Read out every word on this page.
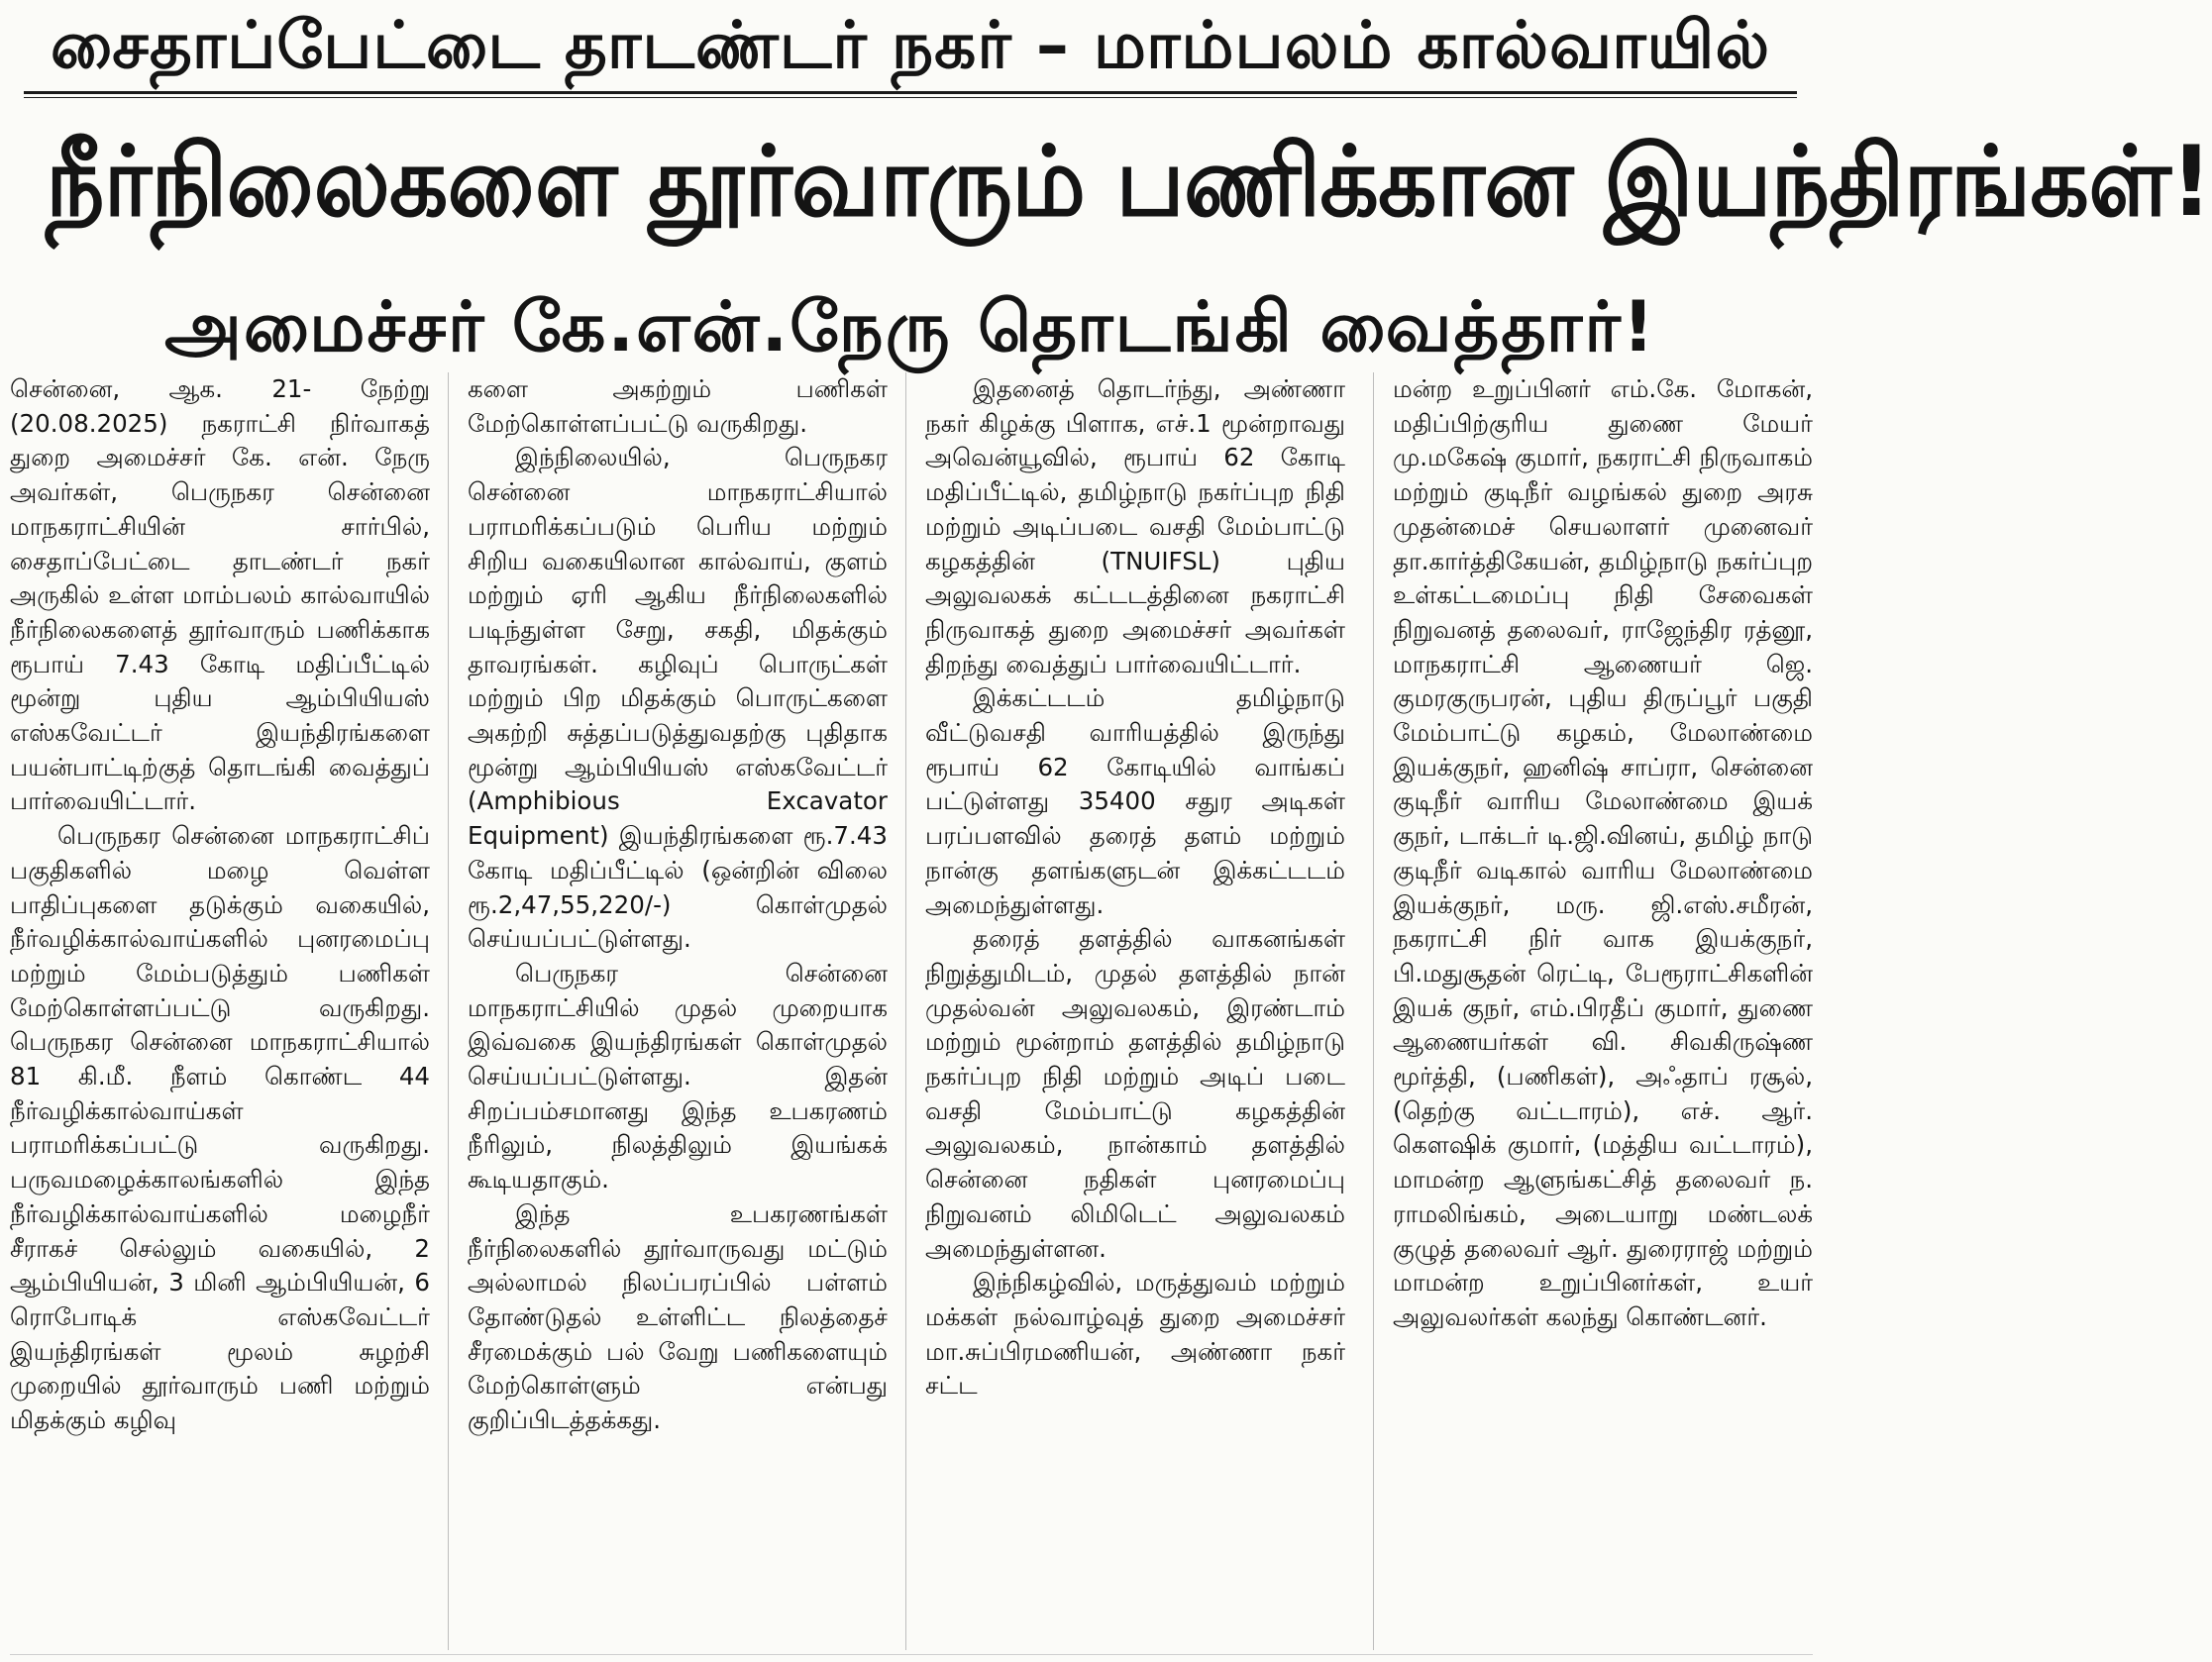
சைதாப்பேட்டை தாடண்டர் நகர் – மாம்பலம் கால்வாயில்
நீர்நிலைகளை தூர்வாரும் பணிக்கான இயந்திரங்கள்!
அமைச்சர் கே.என்.நேரு தொடங்கி வைத்தார்!

சென்னை, ஆக. 21- நேற்று (20.08.2025) நகராட்சி நிர்வாகத் துறை அமைச்சர் கே. என். நேரு அவர்கள், பெருநகர சென்னை மாநகராட்சியின் சார்பில், சைதாப்பேட்டை தாடண்டர் நகர் அருகில் உள்ள மாம்பலம் கால்வாயில் நீர்நிலைகளைத் தூர்வாரும் பணிக்காக ரூபாய் 7.43 கோடி மதிப்பீட்டில் மூன்று புதிய ஆம்பியியஸ் எஸ்கவேட்டர் இயந்திரங்களை பயன்பாட்டிற்குத் தொடங்கி வைத்துப் பார்வையிட்டார்.

பெருநகர சென்னை மாநகராட்சிப் பகுதிகளில் மழை வெள்ள பாதிப்புகளை தடுக்கும் வகையில், நீர்வழிக்கால்வாய்களில் புனரமைப்பு மற்றும் மேம்படுத்தும் பணிகள் மேற்கொள்ளப்பட்டு வருகிறது. பெருநகர சென்னை மாநகராட்சியால் 81 கி.மீ. நீளம் கொண்ட 44 நீர்வழிக்கால்வாய்கள் பராமரிக்கப்பட்டு வருகிறது. பருவமழைக்காலங்களில் இந்த நீர்வழிக்கால்வாய்களில் மழைநீர் சீராகச் செல்லும் வகையில், 2 ஆம்பியியன், 3 மினி ஆம்பியியன், 6 ரொபோடிக் எஸ்கவேட்டர் இயந்திரங்கள் மூலம் சுழற்சி முறையில் தூர்வாரும் பணி மற்றும் மிதக்கும் கழிவு

களை அகற்றும் பணிகள் மேற்கொள்ளப்பட்டு வருகிறது.

இந்நிலையில், பெருநகர சென்னை மாநகராட்சியால் பராமரிக்கப்படும் பெரிய மற்றும் சிறிய வகையிலான கால்வாய், குளம் மற்றும் ஏரி ஆகிய நீர்நிலைகளில் படிந்துள்ள சேறு, சகதி, மிதக்கும் தாவரங்கள். கழிவுப் பொருட்கள் மற்றும் பிற மிதக்கும் பொருட்களை அகற்றி சுத்தப்படுத்துவதற்கு புதிதாக மூன்று ஆம்பியியஸ் எஸ்கவேட்டர் (Amphibious Excavator Equipment) இயந்திரங்களை ரூ.7.43 கோடி மதிப்பீட்டில் (ஒன்றின் விலை ரூ.2,47,55,220/-) கொள்முதல் செய்யப்பட்டுள்ளது.

பெருநகர சென்னை மாநகராட்சியில் முதல் முறையாக இவ்வகை இயந்திரங்கள் கொள்முதல் செய்யப்பட்டுள்ளது. இதன் சிறப்பம்சமானது இந்த உபகரணம் நீரிலும், நிலத்திலும் இயங்கக் கூடியதாகும்.

இந்த உபகரணங்கள் நீர்நிலைகளில் தூர்வாருவது மட்டும் அல்லாமல் நிலப்பரப்பில் பள்ளம் தோண்டுதல் உள்ளிட்ட நிலத்தைச் சீரமைக்கும் பல் வேறு பணிகளையும் மேற்கொள்ளும் என்பது குறிப்பிடத்தக்கது.

இதனைத் தொடர்ந்து, அண்ணா நகர் கிழக்கு பிளாக, எச்.1 மூன்றாவது அவென்யூவில், ரூபாய் 62 கோடி மதிப்பீட்டில், தமிழ்நாடு நகர்ப்புற நிதி மற்றும் அடிப்படை வசதி மேம்பாட்டு கழகத்தின் (TNUIFSL) புதிய அலுவலகக் கட்டடத்தினை நகராட்சி நிருவாகத் துறை அமைச்சர் அவர்கள் திறந்து வைத்துப் பார்வையிட்டார்.

இக்கட்டடம் தமிழ்நாடு வீட்டுவசதி வாரியத்தில் இருந்து ரூபாய் 62 கோடியில் வாங்கப் பட்டுள்ளது 35400 சதுர அடிகள் பரப்பளவில் தரைத் தளம் மற்றும் நான்கு தளங்களுடன் இக்கட்டடம் அமைந்துள்ளது.

தரைத் தளத்தில் வாகனங்கள் நிறுத்துமிடம், முதல் தளத்தில் நான் முதல்வன் அலுவலகம், இரண்டாம் மற்றும் மூன்றாம் தளத்தில் தமிழ்நாடு நகர்ப்புற நிதி மற்றும் அடிப் படை வசதி மேம்பாட்டு கழகத்தின் அலுவலகம், நான்காம் தளத்தில் சென்னை நதிகள் புனரமைப்பு நிறுவனம் லிமிடெட் அலுவலகம் அமைந்துள்ளன.

இந்நிகழ்வில், மருத்துவம் மற்றும் மக்கள் நல்வாழ்வுத் துறை அமைச்சர் மா.சுப்பிரமணியன், அண்ணா நகர் சட்ட

மன்ற உறுப்பினர் எம்.கே. மோகன், மதிப்பிற்குரிய துணை மேயர் மு.மகேஷ் குமார், நகராட்சி நிருவாகம் மற்றும் குடிநீர் வழங்கல் துறை அரசு முதன்மைச் செயலாளர் முனைவர் தா.கார்த்திகேயன், தமிழ்நாடு நகர்ப்புற உள்கட்டமைப்பு நிதி சேவைகள் நிறுவனத் தலைவர், ராஜேந்திர ரத்னூ, மாநகராட்சி ஆணையர் ஜெ. குமரகுருபரன், புதிய திருப்பூர் பகுதி மேம்பாட்டு கழகம், மேலாண்மை இயக்குநர், ஹனிஷ் சாப்ரா, சென்னை குடிநீர் வாரிய மேலாண்மை இயக் குநர், டாக்டர் டி.ஜி.வினய், தமிழ் நாடு குடிநீர் வடிகால் வாரிய மேலாண்மை இயக்குநர், மரு. ஜி.எஸ்.சமீரன், நகராட்சி நிர் வாக இயக்குநர், பி.மதுசூதன் ரெட்டி, பேரூராட்சிகளின் இயக் குநர், எம்.பிரதீப் குமார், துணை ஆணையர்கள் வி. சிவகிருஷ்ண மூர்த்தி, (பணிகள்), அஃதாப் ரசூல், (தெற்கு வட்டாரம்), எச். ஆர். கௌஷிக் குமார், (மத்திய வட்டாரம்), மாமன்ற ஆளுங்கட்சித் தலைவர் ந. ராமலிங்கம், அடையாறு மண்டலக் குழுத் தலைவர் ஆர். துரைராஜ் மற்றும் மாமன்ற உறுப்பினர்கள், உயர் அலுவலர்கள் கலந்து கொண்டனர்.
